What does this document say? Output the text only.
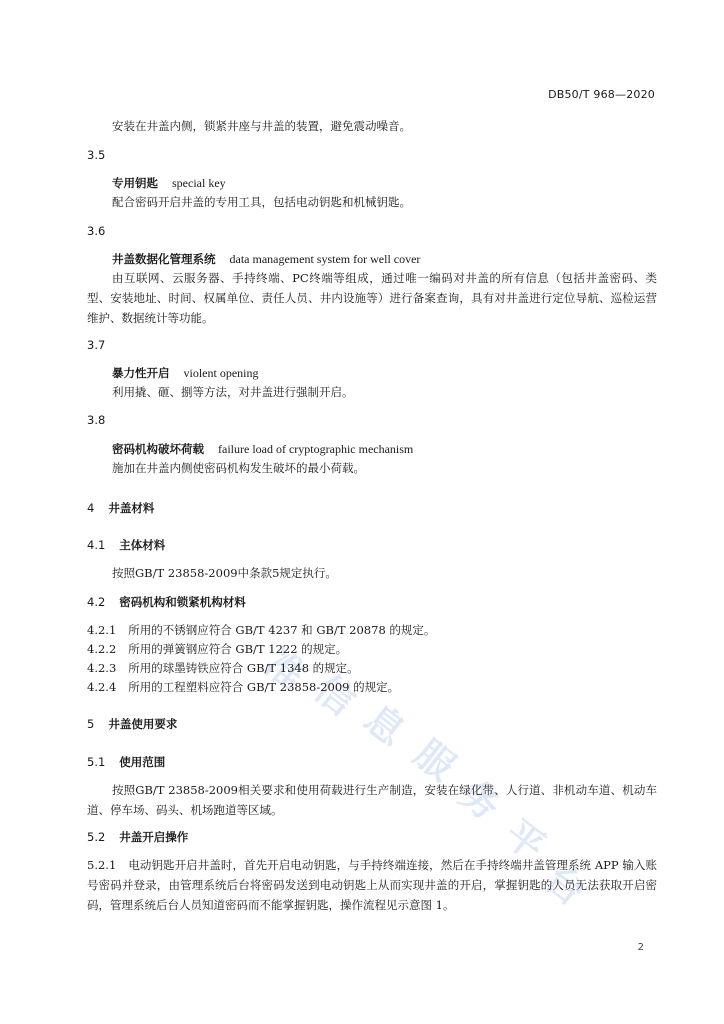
DB50/T 968—2020
准
信
息
服
务
平
台
安装在井盖内侧，锁紧井座与井盖的装置，避免震动噪音。
3.5
专用钥匙 special key
配合密码开启井盖的专用工具，包括电动钥匙和机械钥匙。
3.6
井盖数据化管理系统 data management system for well cover
由互联网、云服务器、手持终端、PC终端等组成，通过唯一编码对井盖的所有信息（包括井盖密码、类型、安装地址、时间、权属单位、责任人员、井内设施等）进行备案查询，具有对井盖进行定位导航、巡检运营维护、数据统计等功能。
3.7
暴力性开启 violent opening
利用撬、砸、捌等方法，对井盖进行强制开启。
3.8
密码机构破坏荷载 failure load of cryptographic mechanism
施加在井盖内侧使密码机构发生破坏的最小荷载。
4 井盖材料
4.1 主体材料
按照GB/T 23858-2009中条款5规定执行。
4.2 密码机构和锁紧机构材料
4.2.1 所用的不锈钢应符合 GB/T 4237 和 GB/T 20878 的规定。
4.2.2 所用的弹簧钢应符合 GB/T 1222 的规定。
4.2.3 所用的球墨铸铁应符合 GB/T 1348 的规定。
4.2.4 所用的工程塑料应符合 GB/T 23858-2009 的规定。
5 井盖使用要求
5.1 使用范围
按照GB/T 23858-2009相关要求和使用荷载进行生产制造，安装在绿化带、人行道、非机动车道、机动车道、停车场、码头、机场跑道等区域。
5.2 井盖开启操作
5.2.1 电动钥匙开启井盖时，首先开启电动钥匙，与手持终端连接，然后在手持终端井盖管理系统 APP 输入账号密码并登录，由管理系统后台将密码发送到电动钥匙上从而实现井盖的开启，掌握钥匙的人员无法获取开启密码，管理系统后台人员知道密码而不能掌握钥匙，操作流程见示意图 1。
2
